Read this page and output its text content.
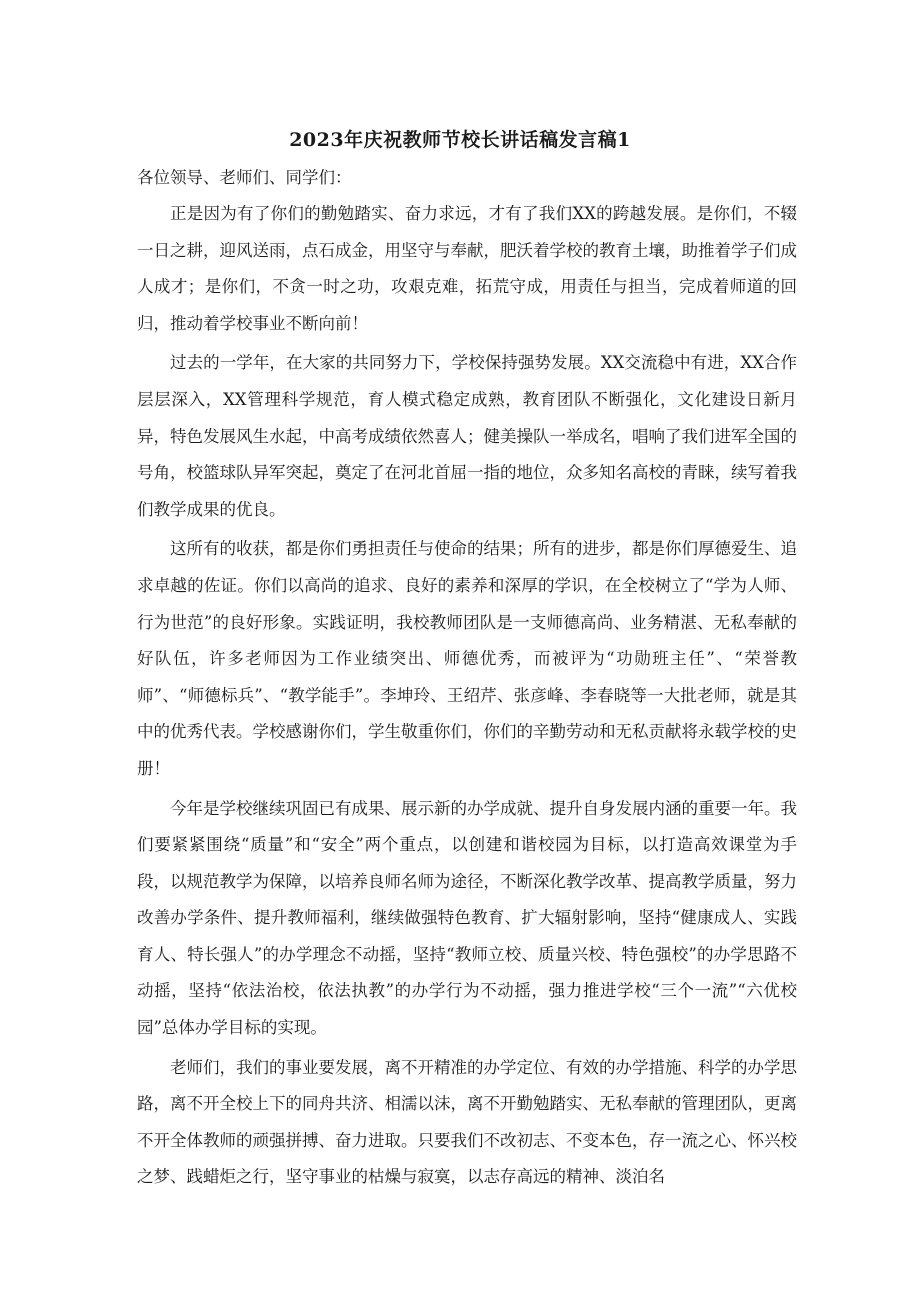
2023年庆祝教师节校长讲话稿发言稿1
各位领导、老师们、同学们：

正是因为有了你们的勤勉踏实、奋力求远，才有了我们XX的跨越发展。是你们，不辍一日之耕，迎风送雨，点石成金，用坚守与奉献，肥沃着学校的教育土壤，助推着学子们成人成才；是你们，不贪一时之功，攻艰克难，拓荒守成，用责任与担当，完成着师道的回归，推动着学校事业不断向前！

过去的一学年，在大家的共同努力下，学校保持强势发展。XX交流稳中有进，XX合作层层深入，XX管理科学规范，育人模式稳定成熟，教育团队不断强化，文化建设日新月异，特色发展风生水起，中高考成绩依然喜人；健美操队一举成名，唱响了我们进军全国的号角，校篮球队异军突起，奠定了在河北首屈一指的地位，众多知名高校的青睐，续写着我们教学成果的优良。

这所有的收获，都是你们勇担责任与使命的结果；所有的进步，都是你们厚德爱生、追求卓越的佐证。你们以高尚的追求、良好的素养和深厚的学识，在全校树立了“学为人师、行为世范”的良好形象。实践证明，我校教师团队是一支师德高尚、业务精湛、无私奉献的好队伍，许多老师因为工作业绩突出、师德优秀，而被评为“功勋班主任”、“荣誉教师”、“师德标兵”、“教学能手”。李坤玲、王绍芹、张彦峰、李春晓等一大批老师，就是其中的优秀代表。学校感谢你们，学生敬重你们，你们的辛勤劳动和无私贡献将永载学校的史册！

今年是学校继续巩固已有成果、展示新的办学成就、提升自身发展内涵的重要一年。我们要紧紧围绕“质量”和“安全”两个重点，以创建和谐校园为目标，以打造高效课堂为手段，以规范教学为保障，以培养良师名师为途径，不断深化教学改革、提高教学质量，努力改善办学条件、提升教师福利，继续做强特色教育、扩大辐射影响，坚持“健康成人、实践育人、特长强人”的办学理念不动摇，坚持“教师立校、质量兴校、特色强校”的办学思路不动摇，坚持“依法治校，依法执教”的办学行为不动摇，强力推进学校“三个一流”“六优校园”总体办学目标的实现。

老师们，我们的事业要发展，离不开精准的办学定位、有效的办学措施、科学的办学思路，离不开全校上下的同舟共济、相濡以沫，离不开勤勉踏实、无私奉献的管理团队，更离不开全体教师的顽强拼搏、奋力进取。只要我们不改初志、不变本色，存一流之心、怀兴校之梦、践蜡炬之行，坚守事业的枯燥与寂寞，以志存高远的精神、淡泊名
